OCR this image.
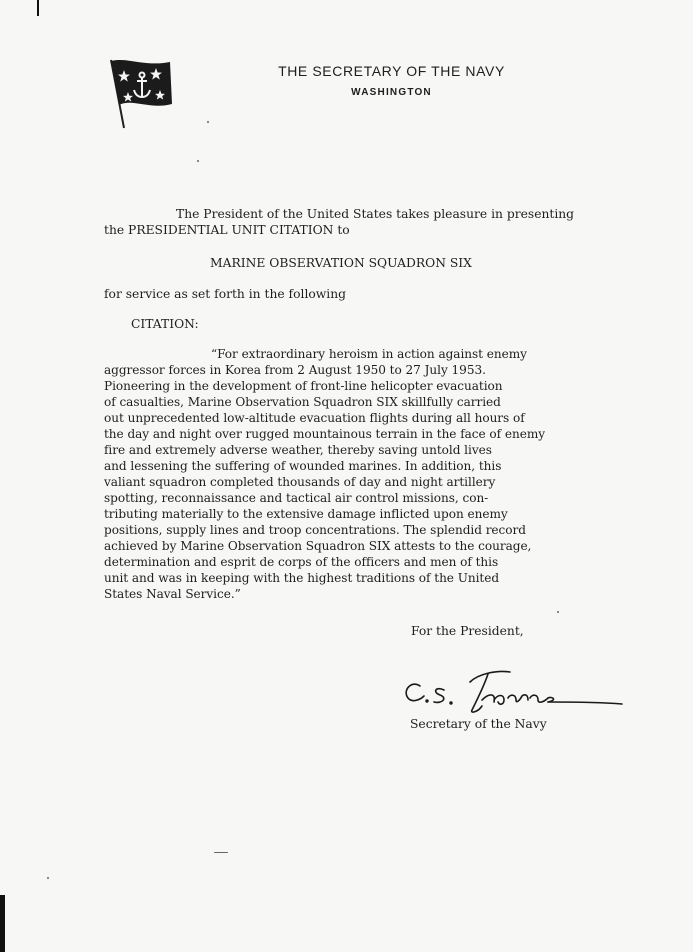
THE SECRETARY OF THE NAVY
WASHINGTON
The President of the United States takes pleasure in presenting
the PRESIDENTIAL UNIT CITATION to
MARINE OBSERVATION SQUADRON SIX
for service as set forth in the following
CITATION:
“For extraordinary heroism in action against enemy
aggressor forces in Korea from 2 August 1950 to 27 July 1953.
Pioneering in the development of front-line helicopter evacuation
of casualties, Marine Observation Squadron SIX skillfully carried
out unprecedented low-altitude evacuation flights during all hours of
the day and night over rugged mountainous terrain in the face of enemy
fire and extremely adverse weather, thereby saving untold lives
and lessening the suffering of wounded marines. In addition, this
valiant squadron completed thousands of day and night artillery
spotting, reconnaissance and tactical air control missions, con-
tributing materially to the extensive damage inflicted upon enemy
positions, supply lines and troop concentrations. The splendid record
achieved by Marine Observation Squadron SIX attests to the courage,
determination and esprit de corps of the officers and men of this
unit and was in keeping with the highest traditions of the United
States Naval Service.”
For the President,
Secretary of the Navy
